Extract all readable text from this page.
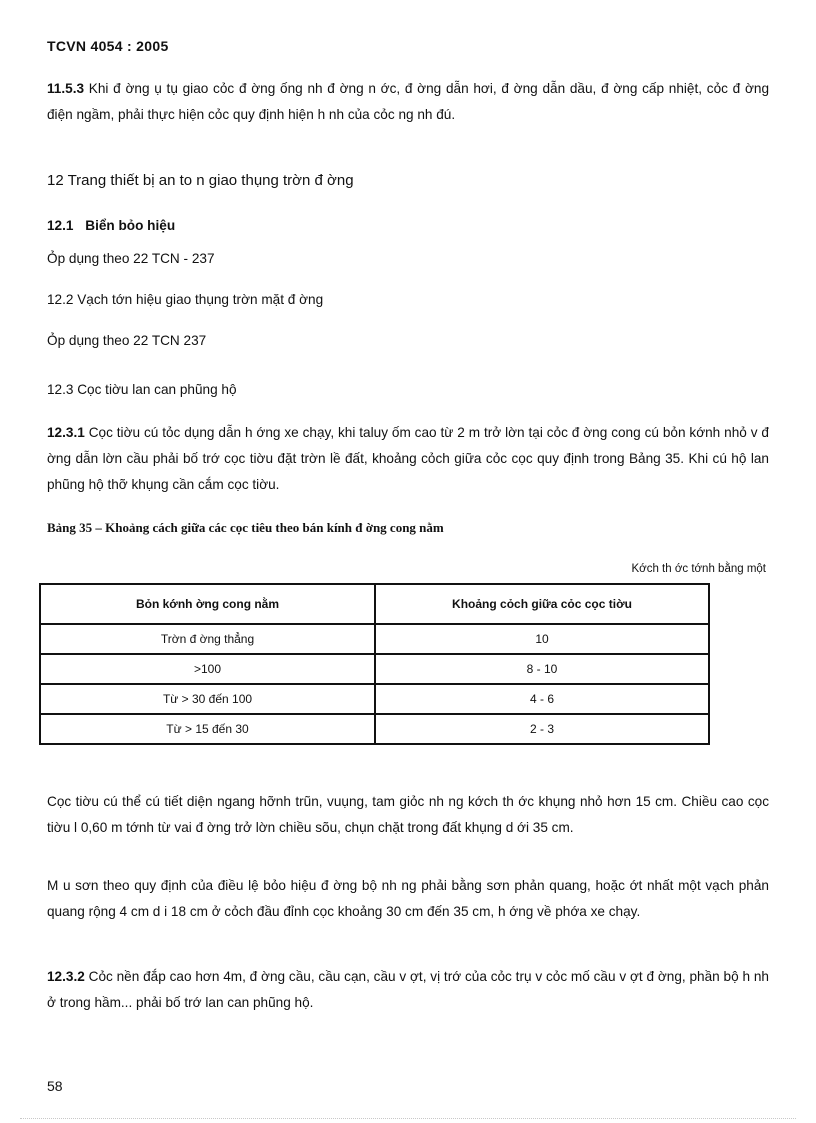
TCVN 4054 : 2005

11.5.3 Khi đ ờng ụ tụ giao cỏc đ ờng ống nh đ ờng n ớc, đ ờng dẫn hơi, đ ờng dẫn dầu, đ ờng cấp nhiệt, cỏc đ ờng điện ngầm, phải thực hiện cỏc quy định hiện h nh của cỏc ng nh đú.

12 Trang thiết bị an to n giao thụng trờn đ ờng
12.1 Biển bỏo hiệu
Ỏp dụng theo 22 TCN - 237
12.2 Vạch tớn hiệu giao thụng trờn mặt đ ờng
Ỏp dụng theo 22 TCN 237
12.3 Cọc tiờu lan can phũng hộ

12.3.1 Cọc tiờu cú tỏc dụng dẫn h ớng xe chạy, khi taluy ốm cao từ 2 m trở lờn tại cỏc đ ờng cong cú bỏn kớnh nhỏ v đ ờng dẫn lờn cầu phải bố trớ cọc tiờu đặt trờn lề đất, khoảng cỏch giữa cỏc cọc quy định trong Bảng 35. Khi cú hộ lan phũng hộ thỡ khụng cần cắm cọc tiờu.

Bảng 35 – Khoảng cách giữa các cọc tiêu theo bán kính đ ờng cong nằm
Kớch th ớc tớnh bằng một
Bỏn kớnh ờng cong nằm	Khoảng cỏch giữa cỏc cọc tiờu
Trờn đ ờng thẳng	10
>100	8 - 10
Từ > 30 đến 100	4 - 6
Từ > 15 đến 30	2 - 3

Cọc tiờu cú thể cú tiết diện ngang hỡnh trũn, vuụng, tam giỏc nh ng kớch th ớc khụng nhỏ hơn 15 cm. Chiều cao cọc tiờu l 0,60 m tớnh từ vai đ ờng trở lờn chiều sõu, chụn chặt trong đất khụng d ới 35 cm.

M u sơn theo quy định của điều lệ bỏo hiệu đ ờng bộ nh ng phải bằng sơn phản quang, hoặc ớt nhất một vạch phản quang rộng 4 cm d i 18 cm ở cỏch đầu đỉnh cọc khoảng 30 cm đến 35 cm, h ớng về phớa xe chạy.

12.3.2 Cỏc nền đắp cao hơn 4m, đ ờng cầu, cầu cạn, cầu v ợt, vị trớ của cỏc trụ v cỏc mố cầu v ợt đ ờng, phần bộ h nh ở trong hầm... phải bố trớ lan can phũng hộ.

58
